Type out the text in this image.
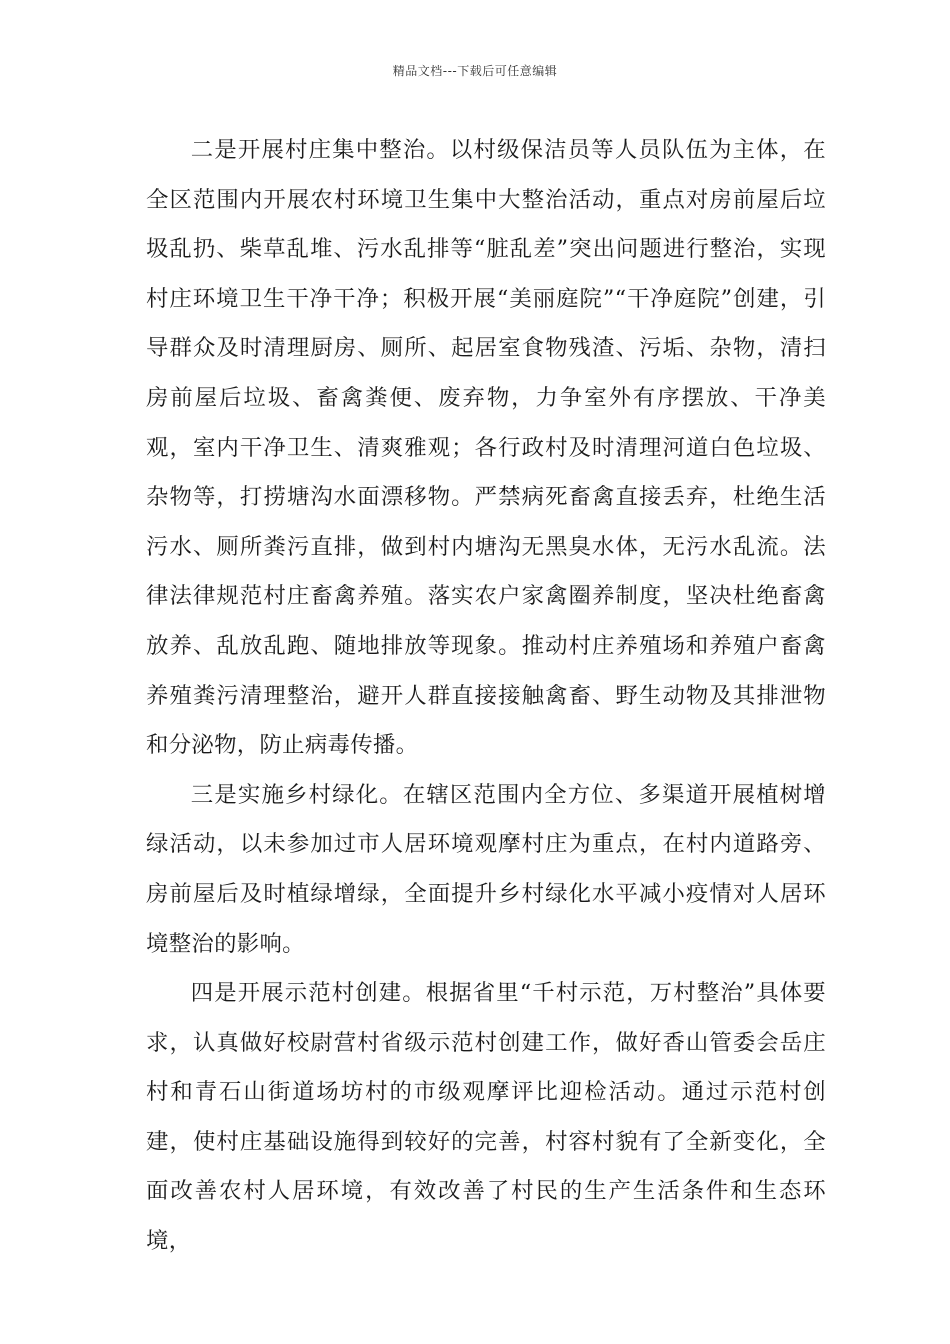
精品文档---下载后可任意编辑

二是开展村庄集中整治。以村级保洁员等人员队伍为主体，在全区范围内开展农村环境卫生集中大整治活动，重点对房前屋后垃圾乱扔、柴草乱堆、污水乱排等“脏乱差”突出问题进行整治，实现村庄环境卫生干净干净；积极开展“美丽庭院”“干净庭院”创建，引导群众及时清理厨房、厕所、起居室食物残渣、污垢、杂物，清扫房前屋后垃圾、畜禽粪便、废弃物，力争室外有序摆放、干净美观，室内干净卫生、清爽雅观；各行政村及时清理河道白色垃圾、杂物等，打捞塘沟水面漂移物。严禁病死畜禽直接丢弃，杜绝生活污水、厕所粪污直排，做到村内塘沟无黑臭水体，无污水乱流。法律法律规范村庄畜禽养殖。落实农户家禽圈养制度，坚决杜绝畜禽放养、乱放乱跑、随地排放等现象。推动村庄养殖场和养殖户畜禽养殖粪污清理整治，避开人群直接接触禽畜、野生动物及其排泄物和分泌物，防止病毒传播。

三是实施乡村绿化。在辖区范围内全方位、多渠道开展植树增绿活动，以未参加过市人居环境观摩村庄为重点，在村内道路旁、房前屋后及时植绿增绿，全面提升乡村绿化水平减小疫情对人居环境整治的影响。

四是开展示范村创建。根据省里“千村示范，万村整治”具体要求，认真做好校尉营村省级示范村创建工作，做好香山管委会岳庄村和青石山街道场坊村的市级观摩评比迎检活动。通过示范村创建，使村庄基础设施得到较好的完善，村容村貌有了全新变化，全面改善农村人居环境，有效改善了村民的生产生活条件和生态环境，
